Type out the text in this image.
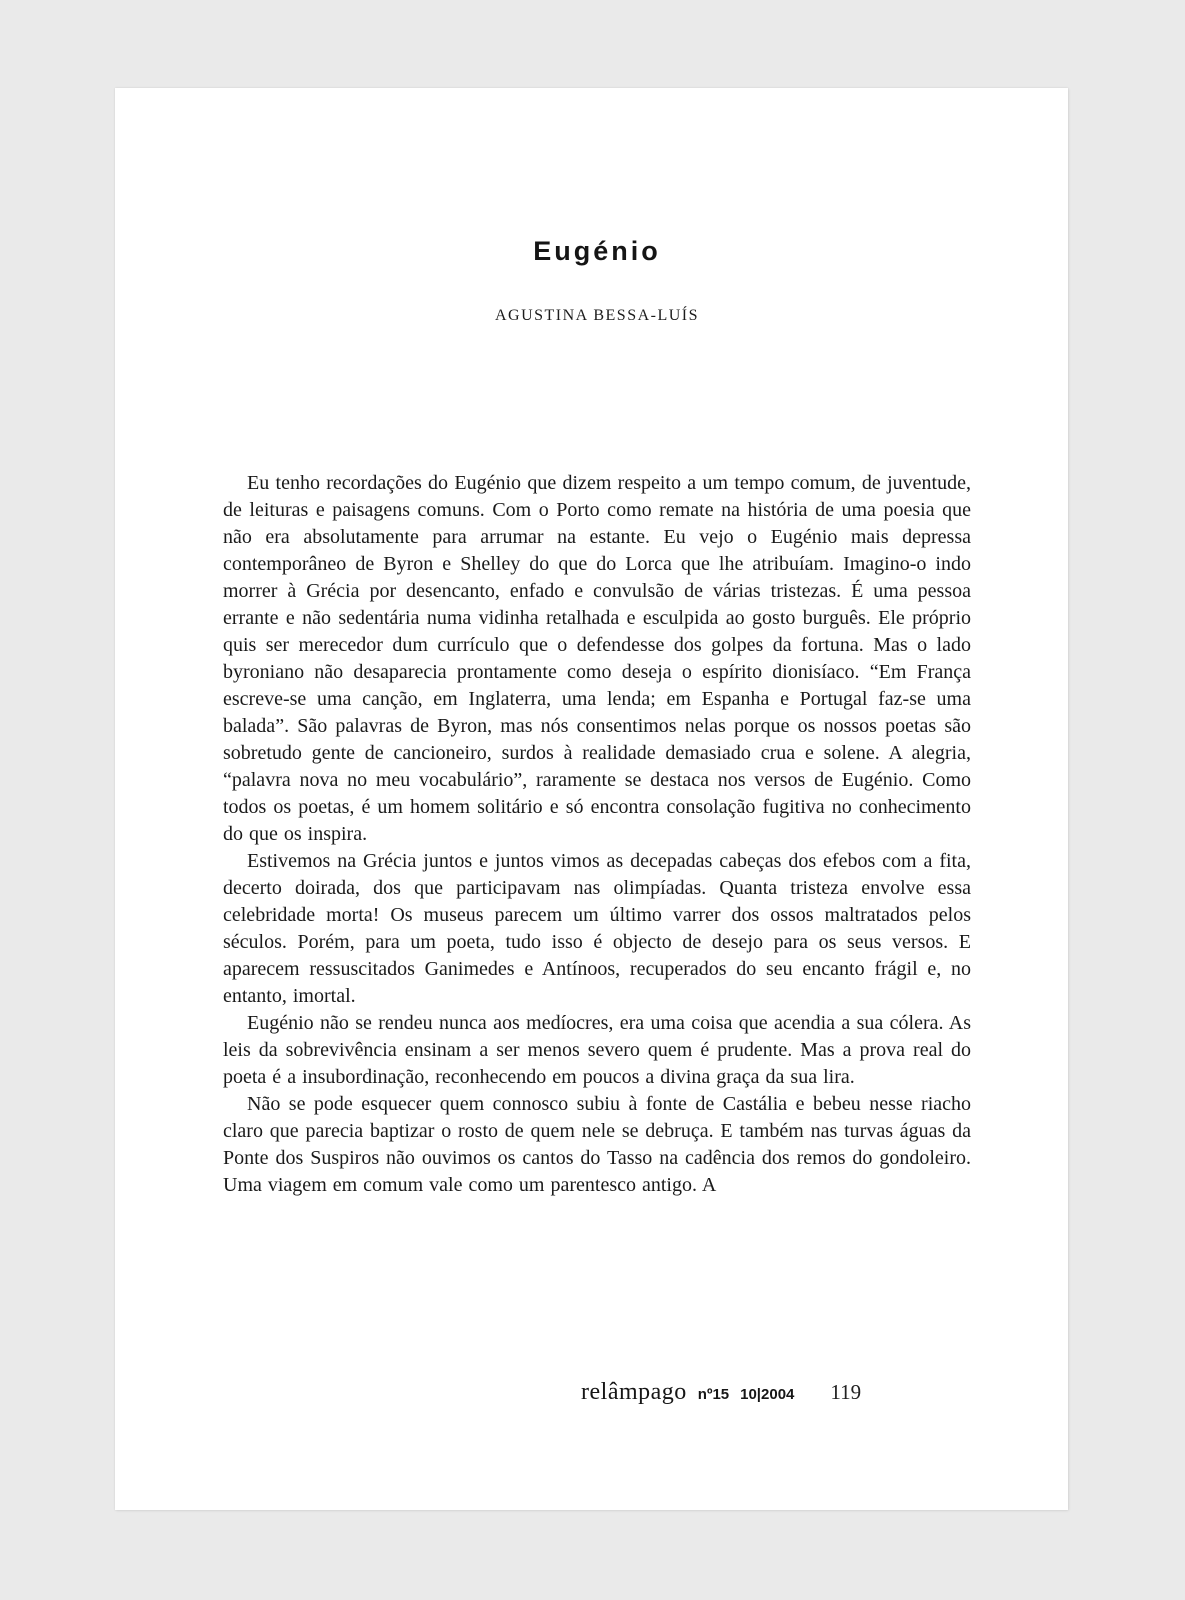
Eugénio
AGUSTINA BESSA-LUÍS

Eu tenho recordações do Eugénio que dizem respeito a um tempo comum, de juventude, de leituras e paisagens comuns. Com o Porto como remate na história de uma poesia que não era absolutamente para arrumar na estante. Eu vejo o Eugénio mais depressa contemporâneo de Byron e Shelley do que do Lorca que lhe atribuíam. Imagino-o indo morrer à Grécia por desencanto, enfado e convulsão de várias tristezas. É uma pessoa errante e não sedentária numa vidinha retalhada e esculpida ao gosto burguês. Ele próprio quis ser merecedor dum currículo que o defendesse dos golpes da fortuna. Mas o lado byroniano não desaparecia prontamente como deseja o espírito dionisíaco. “Em França escreve-se uma canção, em Inglaterra, uma lenda; em Espanha e Portugal faz-se uma balada”. São palavras de Byron, mas nós consentimos nelas porque os nossos poetas são sobretudo gente de cancioneiro, surdos à realidade demasiado crua e solene. A alegria, “palavra nova no meu vocabulário”, raramente se destaca nos versos de Eugénio. Como todos os poetas, é um homem solitário e só encontra consolação fugitiva no conhecimento do que os inspira.

Estivemos na Grécia juntos e juntos vimos as decepadas cabeças dos efebos com a fita, decerto doirada, dos que participavam nas olimpíadas. Quanta tristeza envolve essa celebridade morta! Os museus parecem um último varrer dos ossos maltratados pelos séculos. Porém, para um poeta, tudo isso é objecto de desejo para os seus versos. E aparecem ressuscitados Ganimedes e Antínoos, recuperados do seu encanto frágil e, no entanto, imortal.

Eugénio não se rendeu nunca aos medíocres, era uma coisa que acendia a sua cólera. As leis da sobrevivência ensinam a ser menos severo quem é prudente. Mas a prova real do poeta é a insubordinação, reconhecendo em poucos a divina graça da sua lira.

Não se pode esquecer quem connosco subiu à fonte de Castália e bebeu nesse riacho claro que parecia baptizar o rosto de quem nele se debruça. E também nas turvas águas da Ponte dos Suspiros não ouvimos os cantos do Tasso na cadência dos remos do gondoleiro. Uma viagem em comum vale como um parentesco antigo. A

relâmpago nº15 10|2004 119
